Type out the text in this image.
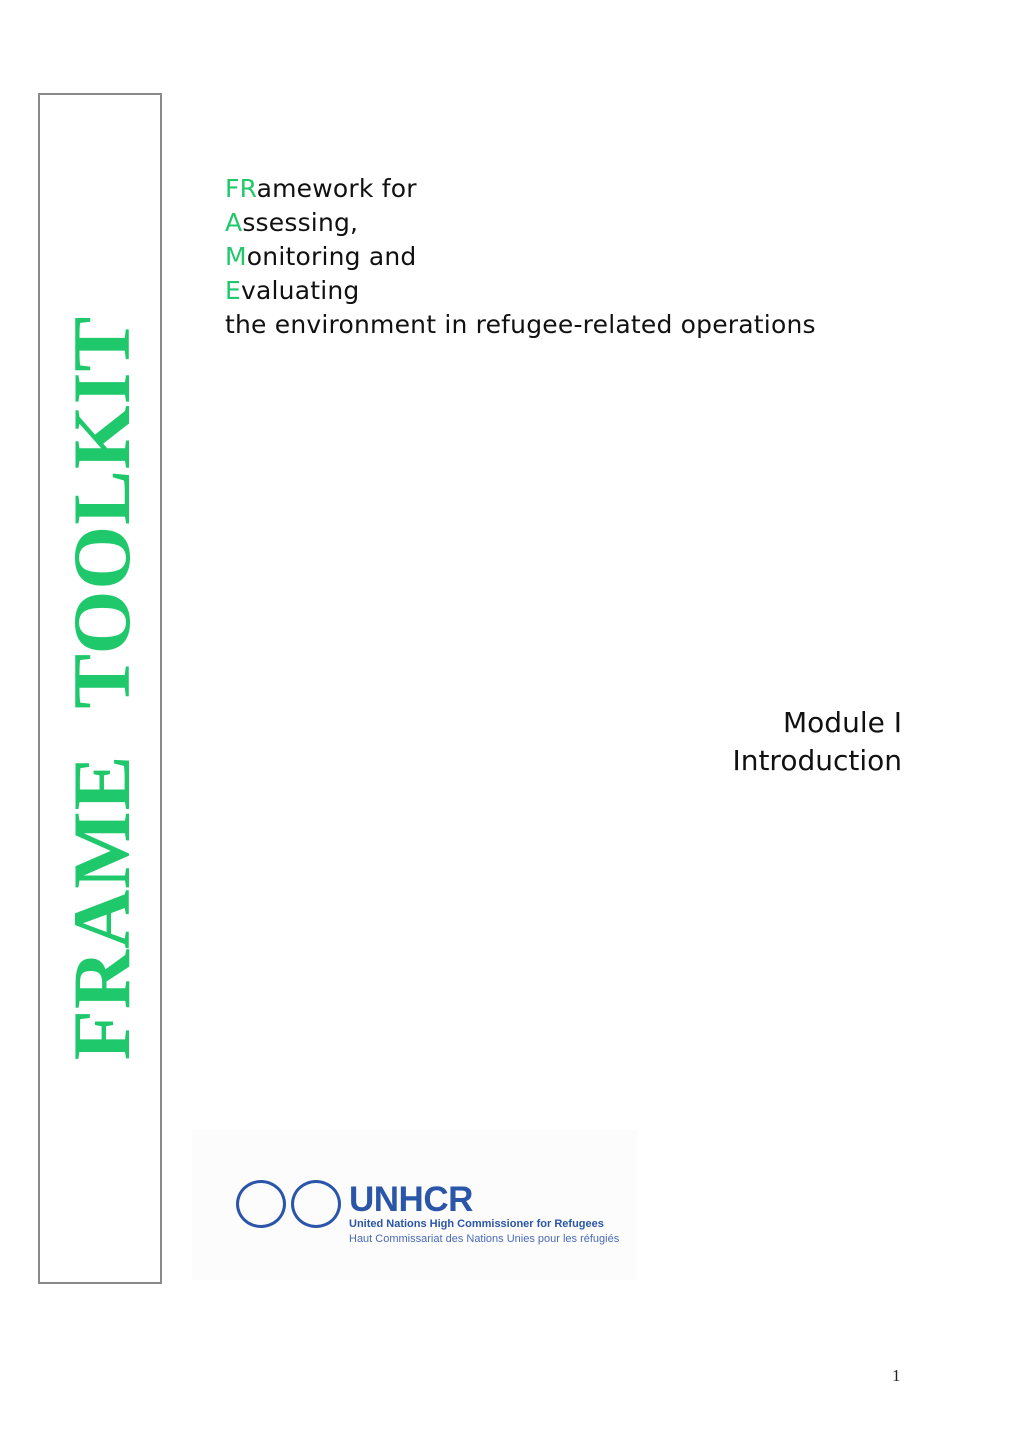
FRAMETOOLKIT
FRamework for
Assessing,
Monitoring and
Evaluating
the environment in refugee-related operations
Module I
Introduction
UNHCR
United Nations High Commissioner for Refugees
Haut Commissariat des Nations Unies pour les réfugiés
1
